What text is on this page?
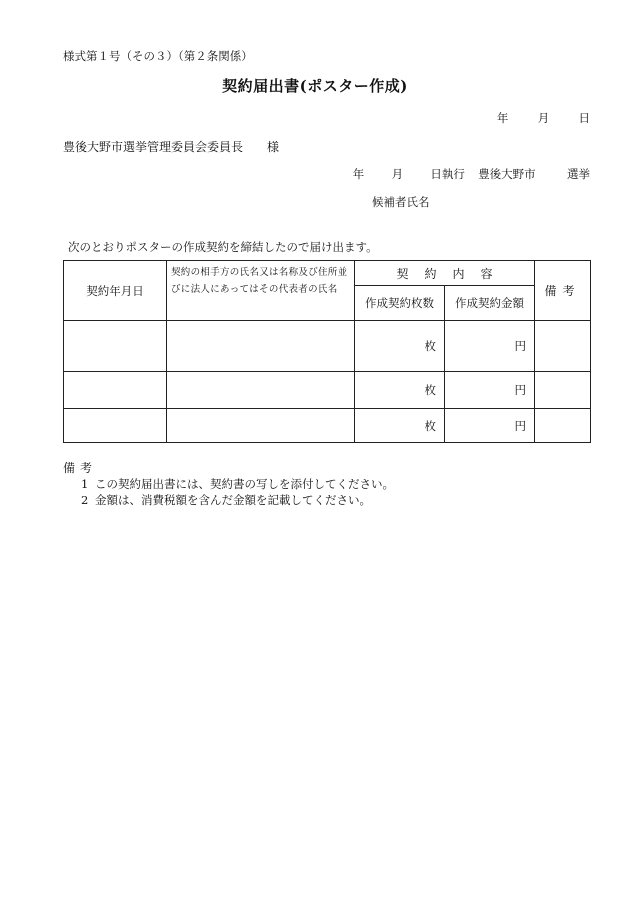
様式第１号（その３）（第２条関係）
契約届出書(ポスター作成)
年	月	日
豊後大野市選挙管理委員会委員長 様
年 月 日執行 豊後大野市	選挙
候補者氏名
次のとおりポスターの作成契約を締結したので届け出ます。
契約年月日	契約の相手方の氏名又は名称及び住所並びに法人にあってはその代表者の氏名	契約内容		備考
		作成契約枚数	作成契約金額	
		枚	円	
		枚	円	
		枚	円	
備考
1 この契約届出書には、契約書の写しを添付してください。
2 金額は、消費税額を含んだ金額を記載してください。
